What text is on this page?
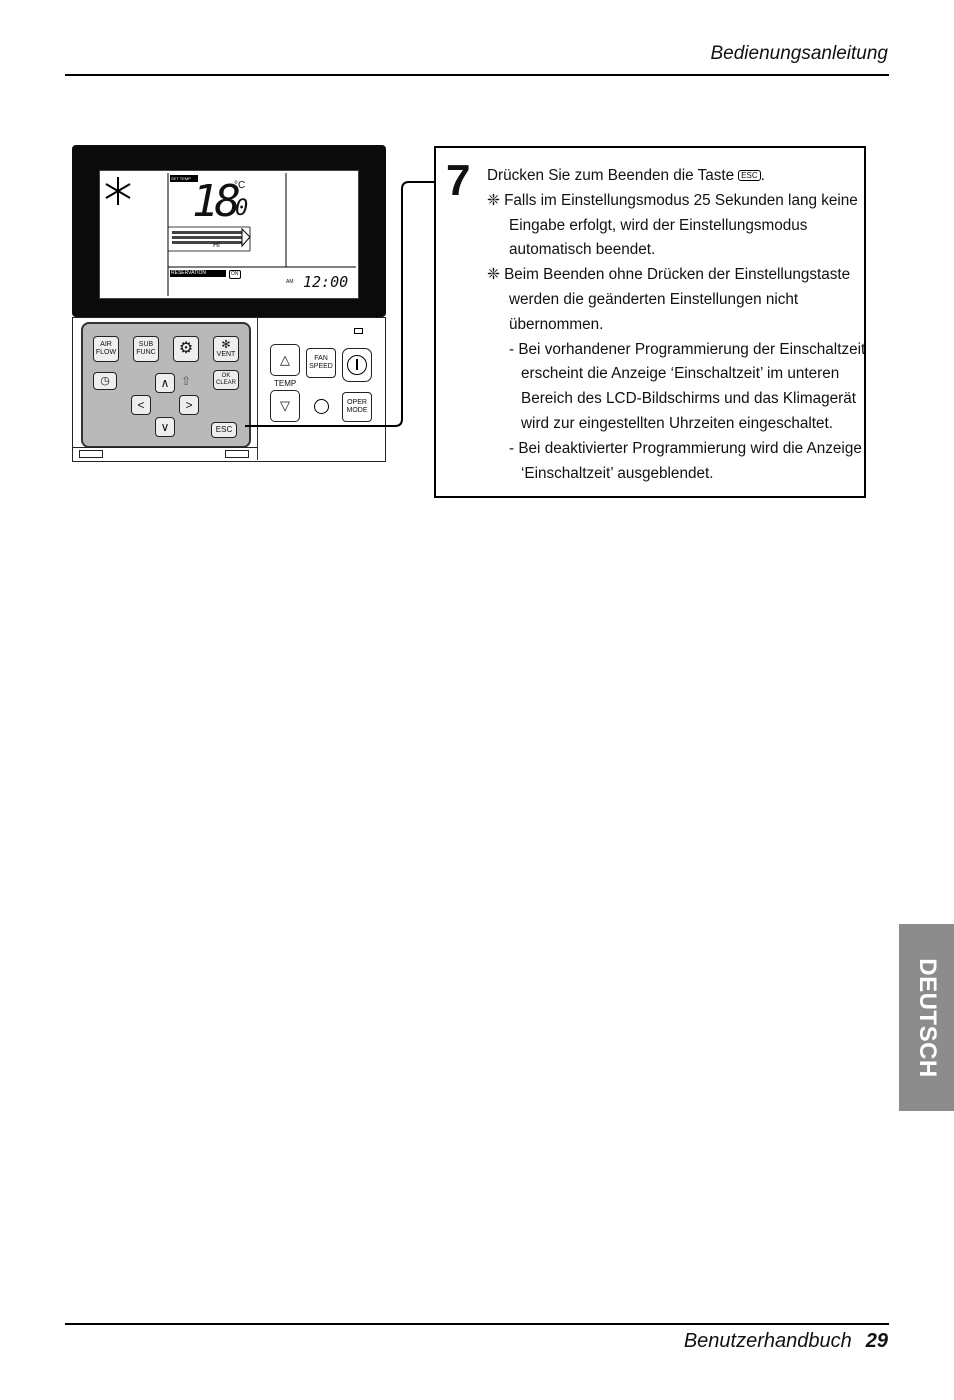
Bedienungsanleitung
SET TEMP 18
0
°C
HI
RESERVATION	ON
AM 12:00
AIR
FLOW
SUB
FUNC ⚙	✻
VENT
◷	∧ ⇧	OK
CLEAR
<	>
∨	ESC
△
TEMP
▽
FAN
SPEED
OPER
MODE
7 Drücken Sie zum Beenden die Taste ESC .
❈ Falls im Einstellungsmodus 25 Sekunden lang keine
Eingabe erfolgt, wird der Einstellungsmodus
automatisch beendet.
❈ Beim Beenden ohne Drücken der Einstellungstaste
werden die geänderten Einstellungen nicht
übernommen.
- Bei vorhandener Programmierung der Einschaltzeit
erscheint die Anzeige ‘Einschaltzeit’ im unteren
Bereich des LCD-Bildschirms und das Klimagerät
wird zur eingestellten Uhrzeiten eingeschaltet.
- Bei deaktivierter Programmierung wird die Anzeige
‘Einschaltzeit’ ausgeblendet.
DEUTSCH
Benutzerhandbuch 29
